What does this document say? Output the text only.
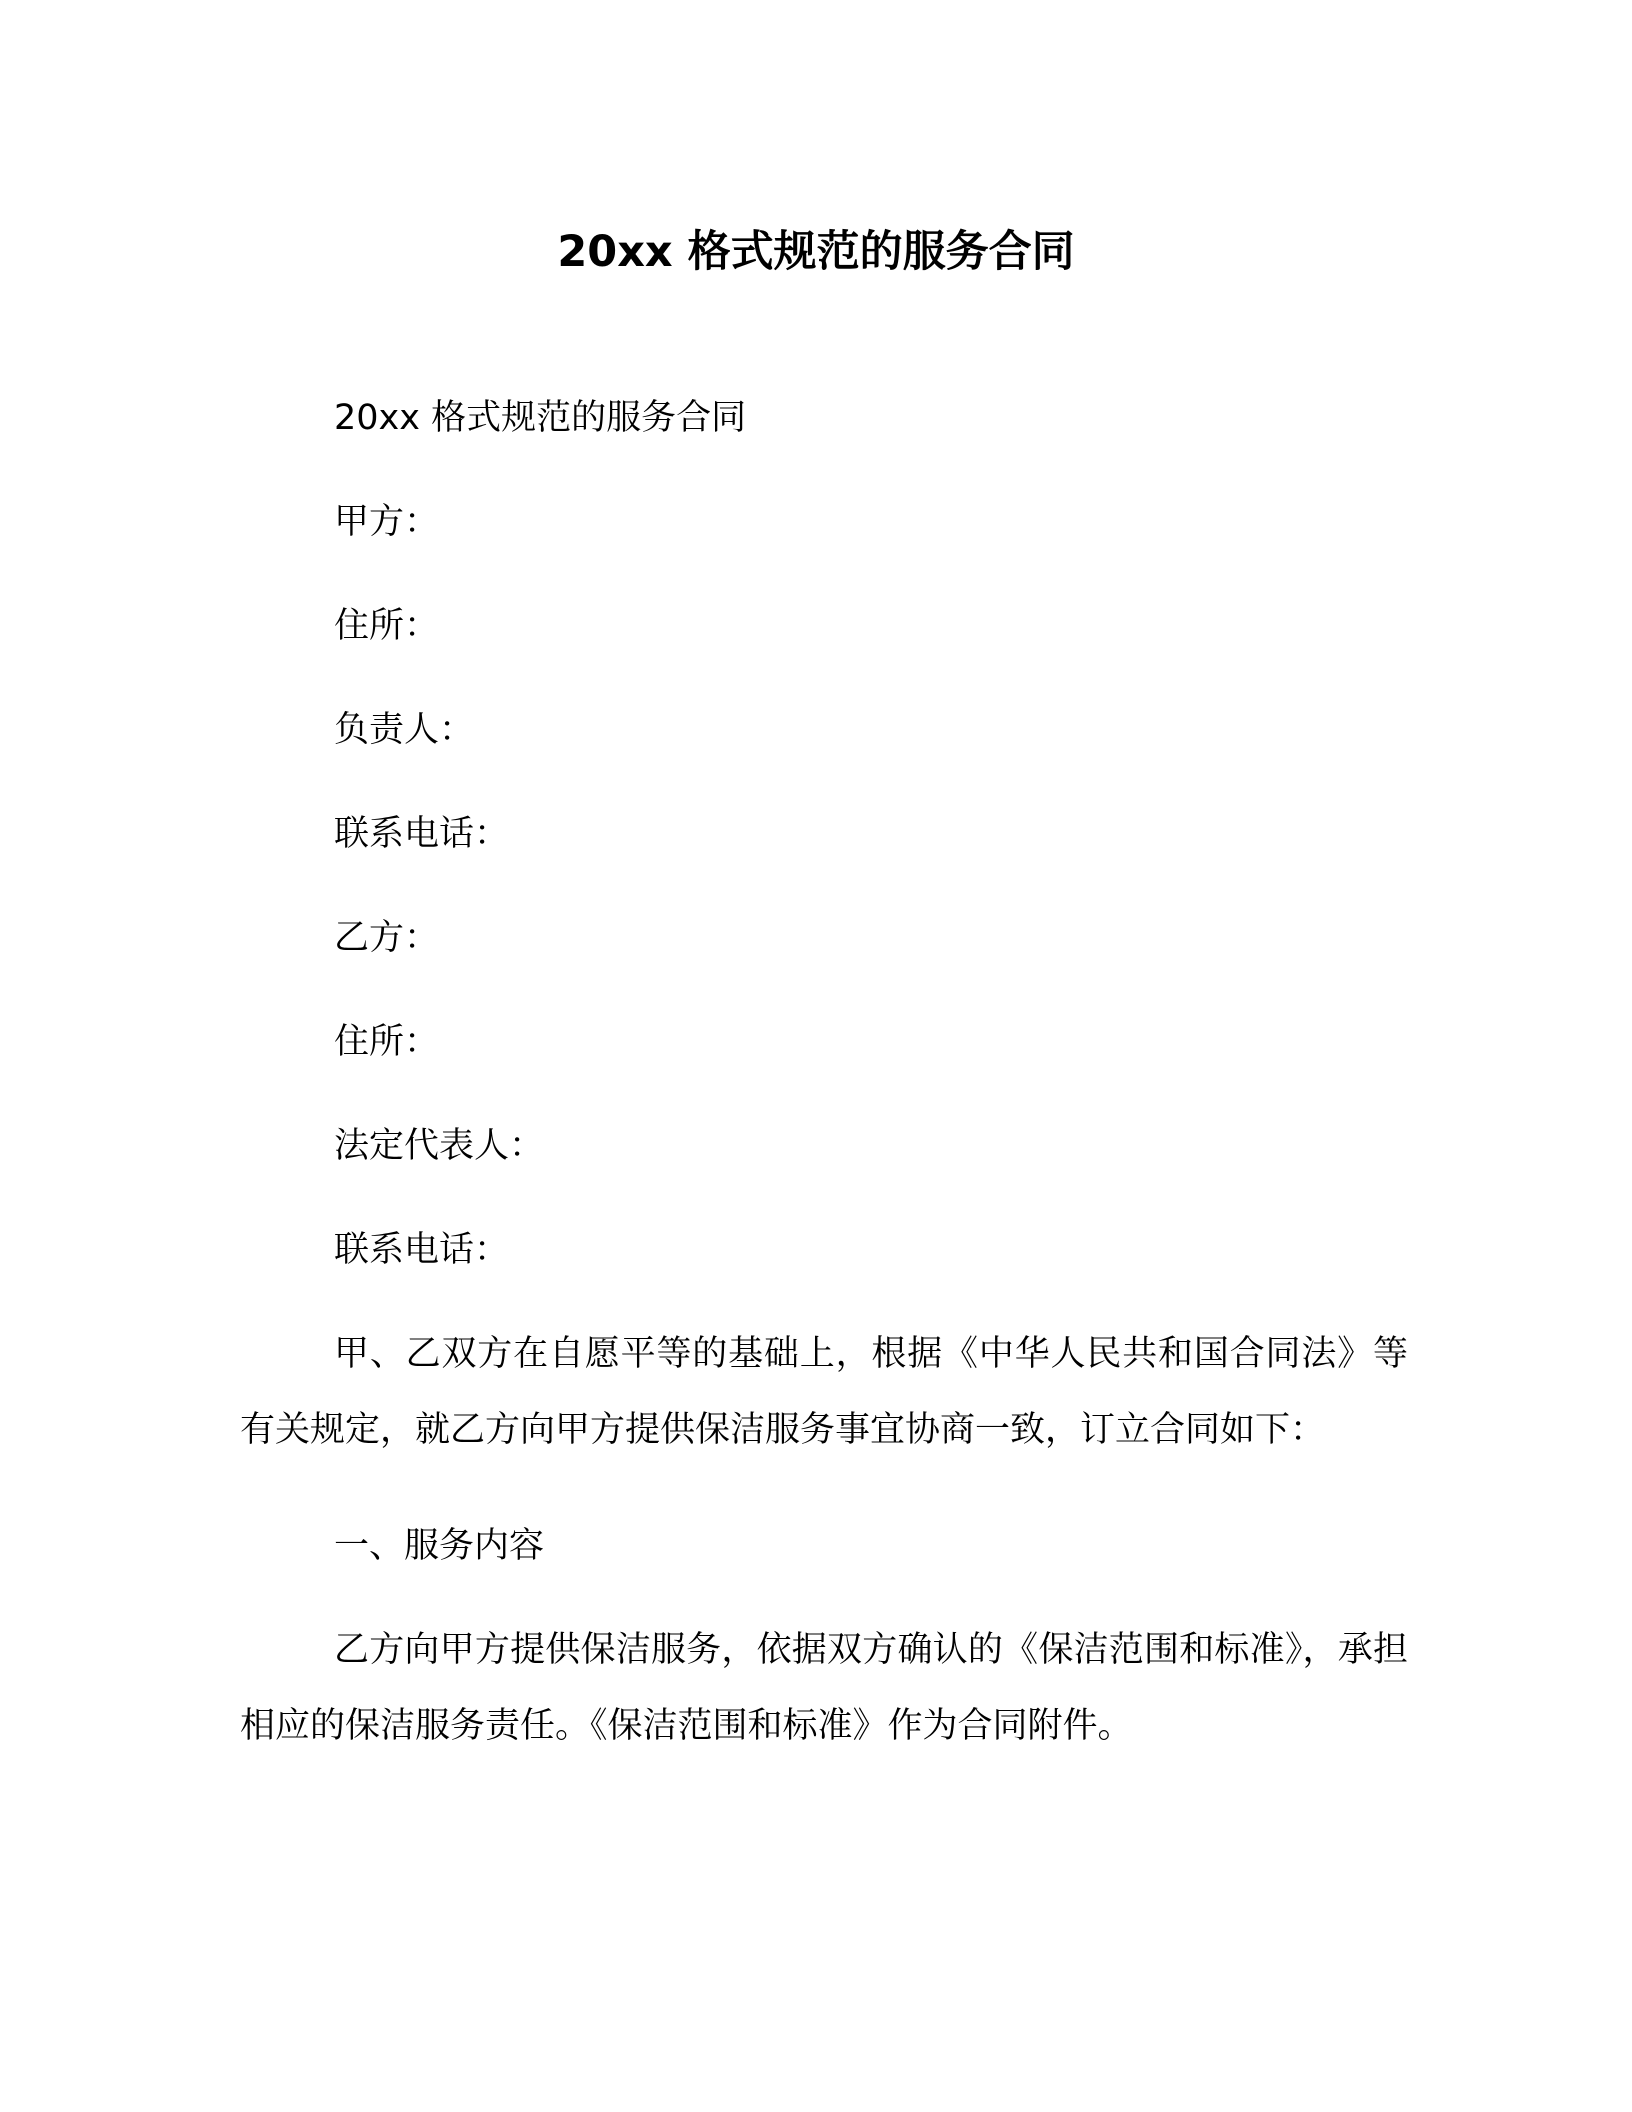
20xx 格式规范的服务合同
20xx 格式规范的服务合同
甲方：
住所：
负责人：
联系电话：
乙方：
住所：
法定代表人：
联系电话：
甲、乙双方在自愿平等的基础上，根据《中华人民共和国合同法》等有关规定，就乙方向甲方提供保洁服务事宜协商一致，订立合同如下：
一、服务内容
乙方向甲方提供保洁服务，依据双方确认的《保洁范围和标准》，承担相应的保洁服务责任。《保洁范围和标准》作为合同附件。
